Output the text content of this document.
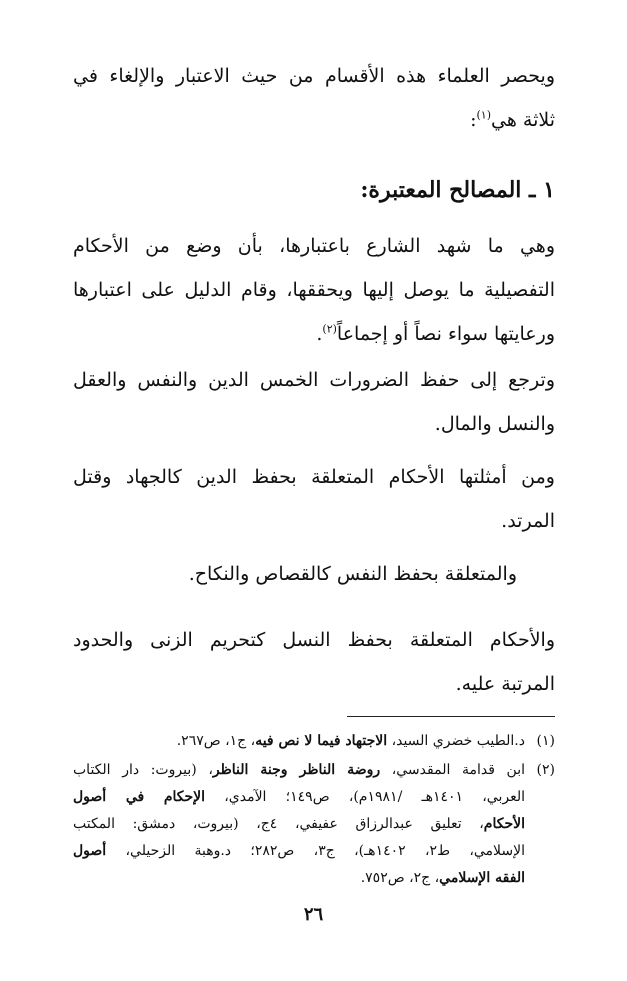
ويحصر العلماء هذه الأقسام من حيث الاعتبار والإلغاء في
ثلاثة هي$^{(١)}$:
١ ـ المصالح المعتبرة:
وهي ما شهد الشارع باعتبارها، بأن وضع من الأحكام
التفصيلية ما يوصل إليها ويحققها، وقام الدليل على اعتبارها
ورعايتها سواء نصاً أو إجماعاً$^{(٢)}$.
وترجع إلى حفظ الضرورات الخمس الدين والنفس والعقل
والنسل والمال.
ومن أمثلتها الأحكام المتعلقة بحفظ الدين كالجهاد وقتل
المرتد.
والمتعلقة بحفظ النفس كالقصاص والنكاح.
والأحكام المتعلقة بحفظ النسل كتحريم الزنى والحدود
المرتبة عليه.
(١)
د.الطيب خضري السيد، الاجتهاد فيما لا نص فيه، ج١، ص٢٦٧.
(٢)
ابن قدامة المقدسي، روضة الناظر وجنة الناظر، (بيروت: دار الكتاب
العربي، ١٤٠١هـ /١٩٨١م)، ص١٤٩؛ الآمدي، الإحكام في أصول
الأحكام، تعليق عبدالرزاق عفيفي، ٤ج، (بيروت، دمشق: المكتب
الإسلامي، ط٢، ١٤٠٢هـ)، ج٣، ص٢٨٢؛ د.وهبة الزحيلي، أصول
الفقه الإسلامي، ج٢، ص٧٥٢.
٢٦
